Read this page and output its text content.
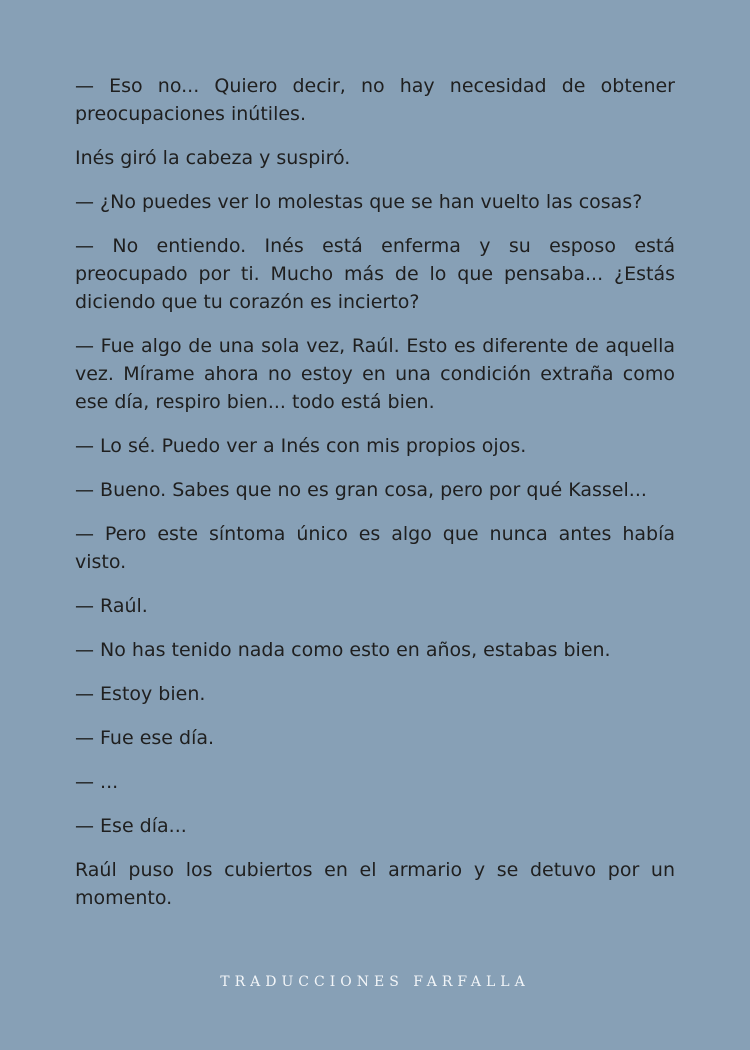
— Eso no... Quiero decir, no hay necesidad de obtener preocupaciones inútiles.

Inés giró la cabeza y suspiró.

— ¿No puedes ver lo molestas que se han vuelto las cosas?

— No entiendo. Inés está enferma y su esposo está preocupado por ti. Mucho más de lo que pensaba... ¿Estás diciendo que tu corazón es incierto?

— Fue algo de una sola vez, Raúl. Esto es diferente de aquella vez. Mírame ahora no estoy en una condición extraña como ese día, respiro bien... todo está bien.

— Lo sé. Puedo ver a Inés con mis propios ojos.

— Bueno. Sabes que no es gran cosa, pero por qué Kassel...

— Pero este síntoma único es algo que nunca antes había visto.

— Raúl.

— No has tenido nada como esto en años, estabas bien.

— Estoy bien.

— Fue ese día.

— ...

— Ese día...

Raúl puso los cubiertos en el armario y se detuvo por un momento.

TRADUCCIONES FARFALLA
